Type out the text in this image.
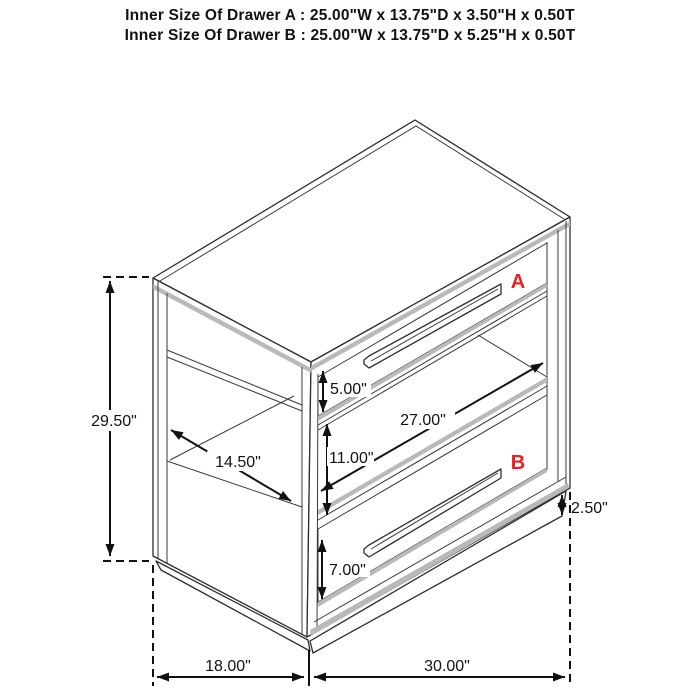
Inner Size Of Drawer A : 25.00"W x 13.75"D x 3.50"H x 0.50T
Inner Size Of Drawer B : 25.00"W x 13.75"D x 5.25"H x 0.50T
A
B
29.50"
14.50"
5.00"
27.00"
11.00"
7.00"
2.50"
18.00"	30.00"
